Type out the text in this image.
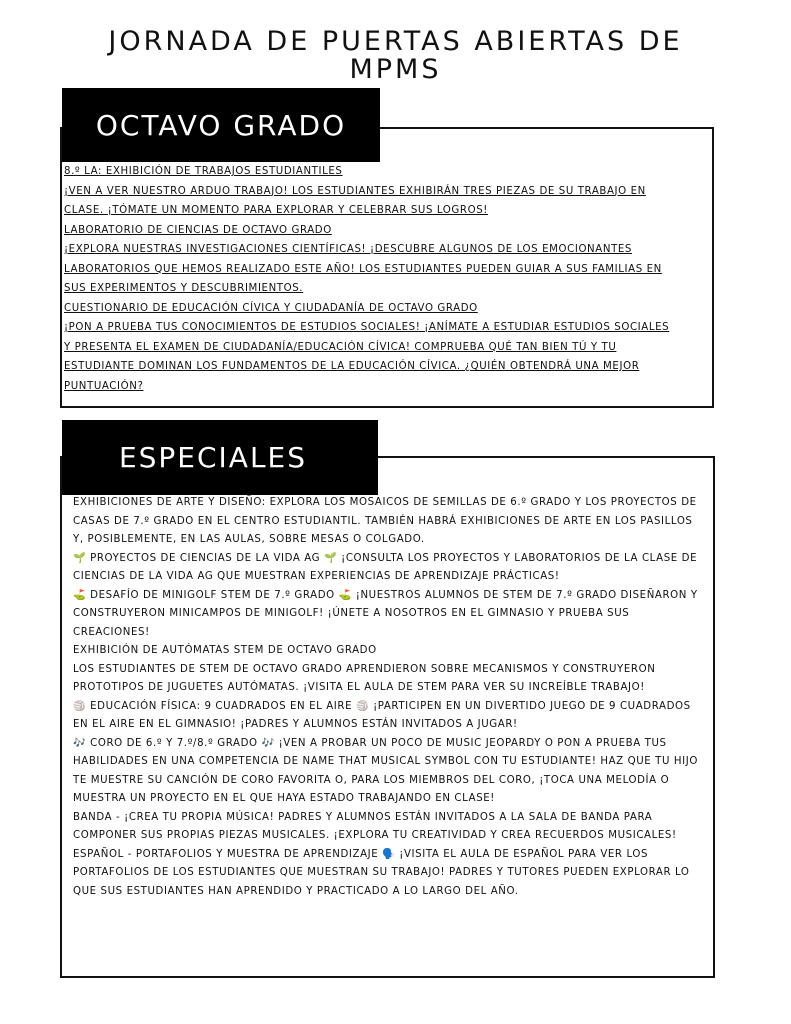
JORNADA DE PUERTAS ABIERTAS DE MPMS
OCTAVO GRADO
8.º LA: EXHIBICIÓN DE TRABAJOS ESTUDIANTILES
¡VEN A VER NUESTRO ARDUO TRABAJO! LOS ESTUDIANTES EXHIBIRÁN TRES PIEZAS DE SU TRABAJO EN
CLASE. ¡TÓMATE UN MOMENTO PARA EXPLORAR Y CELEBRAR SUS LOGROS!
LABORATORIO DE CIENCIAS DE OCTAVO GRADO
¡EXPLORA NUESTRAS INVESTIGACIONES CIENTÍFICAS! ¡DESCUBRE ALGUNOS DE LOS EMOCIONANTES
LABORATORIOS QUE HEMOS REALIZADO ESTE AÑO! LOS ESTUDIANTES PUEDEN GUIAR A SUS FAMILIAS EN
SUS EXPERIMENTOS Y DESCUBRIMIENTOS.
CUESTIONARIO DE EDUCACIÓN CÍVICA Y CIUDADANÍA DE OCTAVO GRADO
¡PON A PRUEBA TUS CONOCIMIENTOS DE ESTUDIOS SOCIALES! ¡ANÍMATE A ESTUDIAR ESTUDIOS SOCIALES
Y PRESENTA EL EXAMEN DE CIUDADANÍA/EDUCACIÓN CÍVICA! COMPRUEBA QUÉ TAN BIEN TÚ Y TU
ESTUDIANTE DOMINAN LOS FUNDAMENTOS DE LA EDUCACIÓN CÍVICA. ¿QUIÉN OBTENDRÁ UNA MEJOR
PUNTUACIÓN?
ESPECIALES
EXHIBICIONES DE ARTE Y DISEÑO: EXPLORA LOS MOSAICOS DE SEMILLAS DE 6.º GRADO Y LOS PROYECTOS DE
CASAS DE 7.º GRADO EN EL CENTRO ESTUDIANTIL. TAMBIÉN HABRÁ EXHIBICIONES DE ARTE EN LOS PASILLOS
Y, POSIBLEMENTE, EN LAS AULAS, SOBRE MESAS O COLGADO.
🌱 PROYECTOS DE CIENCIAS DE LA VIDA AG 🌱 ¡CONSULTA LOS PROYECTOS Y LABORATORIOS DE LA CLASE DE
CIENCIAS DE LA VIDA AG QUE MUESTRAN EXPERIENCIAS DE APRENDIZAJE PRÁCTICAS!
⛳ DESAFÍO DE MINIGOLF STEM DE 7.º GRADO ⛳ ¡NUESTROS ALUMNOS DE STEM DE 7.º GRADO DISEÑARON Y
CONSTRUYERON MINICAMPOS DE MINIGOLF! ¡ÚNETE A NOSOTROS EN EL GIMNASIO Y PRUEBA SUS
CREACIONES!
EXHIBICIÓN DE AUTÓMATAS STEM DE OCTAVO GRADO
LOS ESTUDIANTES DE STEM DE OCTAVO GRADO APRENDIERON SOBRE MECANISMOS Y CONSTRUYERON
PROTOTIPOS DE JUGUETES AUTÓMATAS. ¡VISITA EL AULA DE STEM PARA VER SU INCREÍBLE TRABAJO!
🏐 EDUCACIÓN FÍSICA: 9 CUADRADOS EN EL AIRE 🏐 ¡PARTICIPEN EN UN DIVERTIDO JUEGO DE 9 CUADRADOS
EN EL AIRE EN EL GIMNASIO! ¡PADRES Y ALUMNOS ESTÁN INVITADOS A JUGAR!
🎶 CORO DE 6.º Y 7.º/8.º GRADO 🎶 ¡VEN A PROBAR UN POCO DE MUSIC JEOPARDY O PON A PRUEBA TUS
HABILIDADES EN UNA COMPETENCIA DE NAME THAT MUSICAL SYMBOL CON TU ESTUDIANTE! HAZ QUE TU HIJO
TE MUESTRE SU CANCIÓN DE CORO FAVORITA O, PARA LOS MIEMBROS DEL CORO, ¡TOCA UNA MELODÍA O
MUESTRA UN PROYECTO EN EL QUE HAYA ESTADO TRABAJANDO EN CLASE!
BANDA - ¡CREA TU PROPIA MÚSICA! PADRES Y ALUMNOS ESTÁN INVITADOS A LA SALA DE BANDA PARA
COMPONER SUS PROPIAS PIEZAS MUSICALES. ¡EXPLORA TU CREATIVIDAD Y CREA RECUERDOS MUSICALES!
ESPAÑOL - PORTAFOLIOS Y MUESTRA DE APRENDIZAJE 🗣️ ¡VISITA EL AULA DE ESPAÑOL PARA VER LOS
PORTAFOLIOS DE LOS ESTUDIANTES QUE MUESTRAN SU TRABAJO! PADRES Y TUTORES PUEDEN EXPLORAR LO
QUE SUS ESTUDIANTES HAN APRENDIDO Y PRACTICADO A LO LARGO DEL AÑO.
